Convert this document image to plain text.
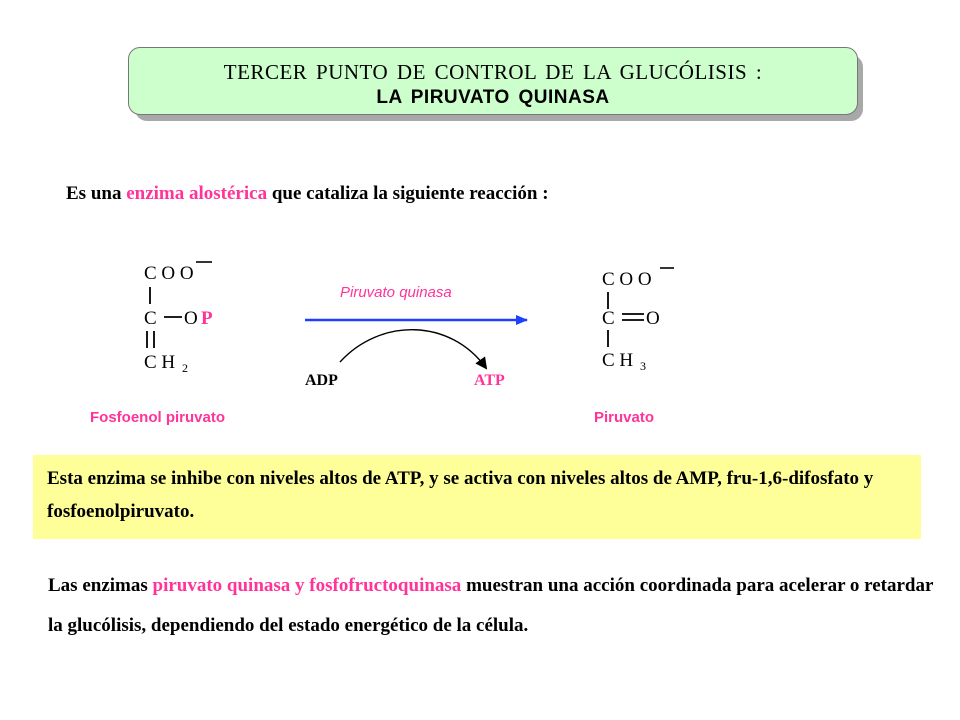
TERCER PUNTO DE CONTROL DE LA GLUCÓLISIS :
LA PIRUVATO QUINASA
Es una enzima alostérica que cataliza la siguiente reacción :
C O O
C O P
C H 2
Piruvato quinasa
ADP	ATP
C O O
C O
C H 3
Fosfoenol piruvato	Piruvato
Esta enzima se inhibe con niveles altos de ATP, y se activa con niveles altos de AMP, fru-1,6-difosfato y fosfoenolpiruvato.
Las enzimas piruvato quinasa y fosfofructoquinasa muestran una acción coordinada para acelerar o retardar la glucólisis, dependiendo del estado energético de la célula.
